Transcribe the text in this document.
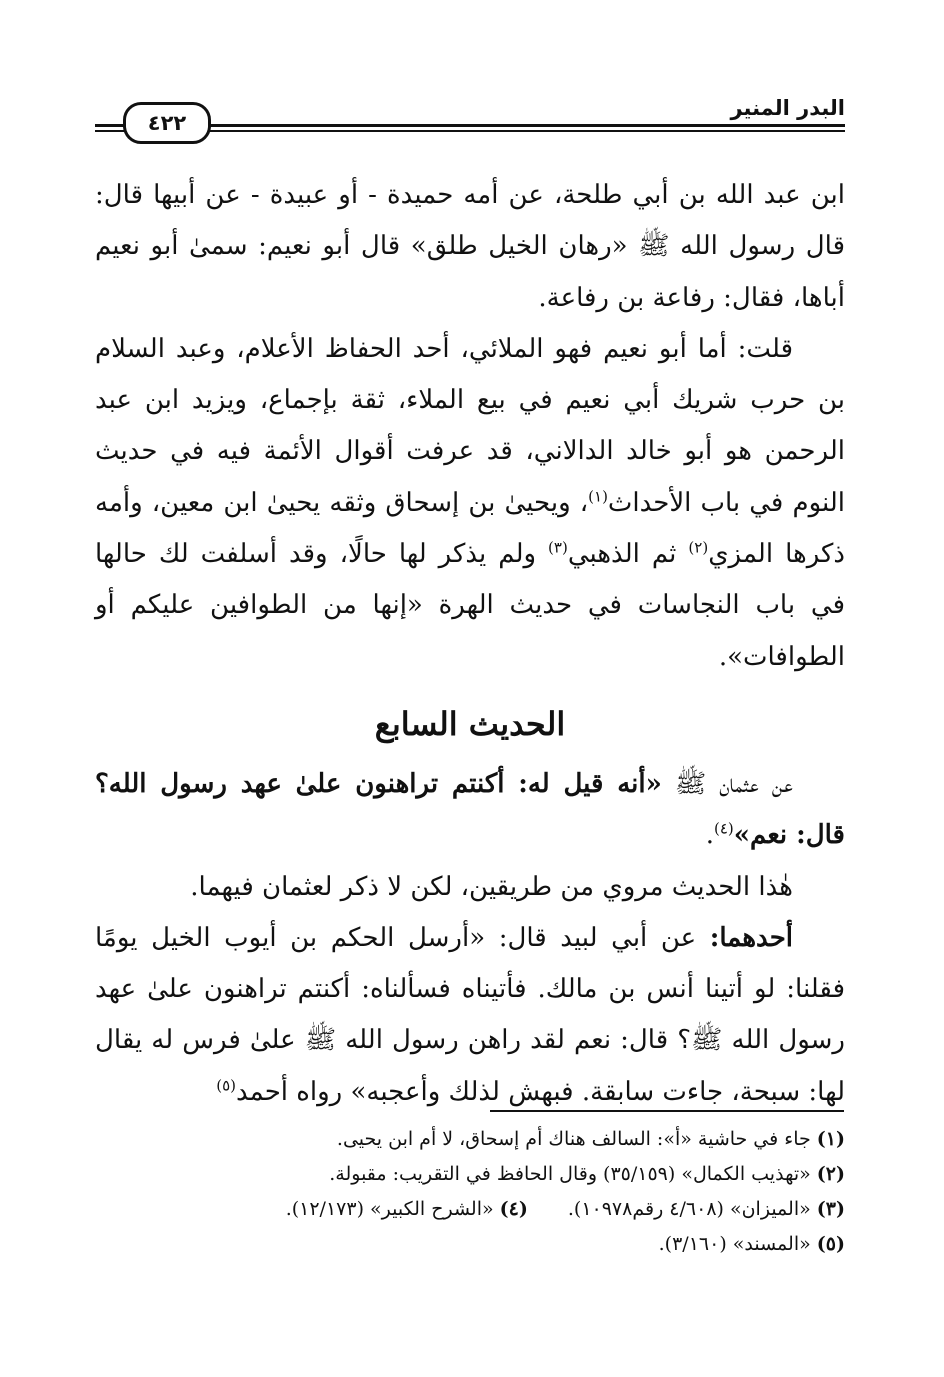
البدر المنير
٤٢٢

ابن عبد الله بن أبي طلحة، عن أمه حميدة - أو عبيدة - عن أبيها قال: قال رسول الله ﷺ «رهان الخيل طلق» قال أبو نعيم: سمىٰ أبو نعيم أباها، فقال: رفاعة بن رفاعة.

قلت: أما أبو نعيم فهو الملائي، أحد الحفاظ الأعلام، وعبد السلام بن حرب شريك أبي نعيم في بيع الملاء، ثقة بإجماع، ويزيد ابن عبد الرحمن هو أبو خالد الدالاني، قد عرفت أقوال الأئمة فيه في حديث النوم في باب الأحداث$^{(١)}$، ويحيىٰ بن إسحاق وثقه يحيىٰ ابن معين، وأمه ذكرها المزي$^{(٢)}$ ثم الذهبي$^{(٣)}$ ولم يذكر لها حالًا، وقد أسلفت لك حالها في باب النجاسات في حديث الهرة «إنها من الطوافين عليكم أو الطوافات».

الحديث السابع

عن عثمان ﷺ «أنه قيل له: أكنتم تراهنون علىٰ عهد رسول الله؟ قال: نعم»$^{(٤)}$.

هٰذا الحديث مروي من طريقين، لكن لا ذكر لعثمان فيهما.

أحدهما: عن أبي لبيد قال: «أرسل الحكم بن أيوب الخيل يومًا فقلنا: لو أتينا أنس بن مالك. فأتيناه فسألناه: أكنتم تراهنون علىٰ عهد رسول الله ﷺ؟ قال: نعم لقد راهن رسول الله ﷺ علىٰ فرس له يقال لها: سبحة، جاءت سابقة. فبهش لذلك وأعجبه» رواه أحمد$^{(٥)}$

(١) جاء في حاشية «أ»: السالف هناك أم إسحاق، لا أم ابن يحيى.

(٢) «تهذيب الكمال» (٣٥/١٥٩) وقال الحافظ في التقريب: مقبولة.

(٣) «الميزان» (٤/٦٠٨ رقم١٠٩٧٨).(٤) «الشرح الكبير» (١٢/١٧٣).

(٥) «المسند» (٣/١٦٠).
